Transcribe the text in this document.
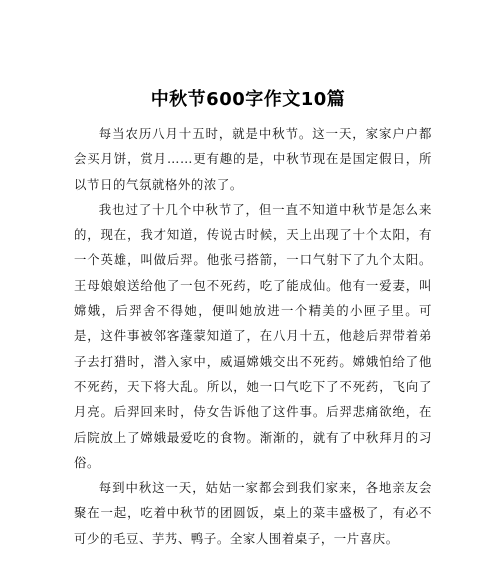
中秋节600字作文10篇

每当农历八月十五时，就是中秋节。这一天，家家户户都会买月饼，赏月……更有趣的是，中秋节现在是国定假日，所以节日的气氛就格外的浓了。

我也过了十几个中秋节了，但一直不知道中秋节是怎么来的，现在，我才知道，传说古时候，天上出现了十个太阳，有一个英雄，叫做后羿。他张弓搭箭，一口气射下了九个太阳。王母娘娘送给他了一包不死药，吃了能成仙。他有一爱妻，叫嫦娥，后羿舍不得她，便叫她放进一个精美的小匣子里。可是，这件事被邻客蓬蒙知道了，在八月十五，他趁后羿带着弟子去打猎时，潜入家中，威逼嫦娥交出不死药。嫦娥怕给了他不死药，天下将大乱。所以，她一口气吃下了不死药，飞向了月亮。后羿回来时，侍女告诉他了这件事。后羿悲痛欲绝，在后院放上了嫦娥最爱吃的食物。渐渐的，就有了中秋拜月的习俗。

每到中秋这一天，姑姑一家都会到我们家来，各地亲友会聚在一起，吃着中秋节的团圆饭，桌上的菜丰盛极了，有必不可少的毛豆、芋艿、鸭子。全家人围着桌子，一片喜庆。
